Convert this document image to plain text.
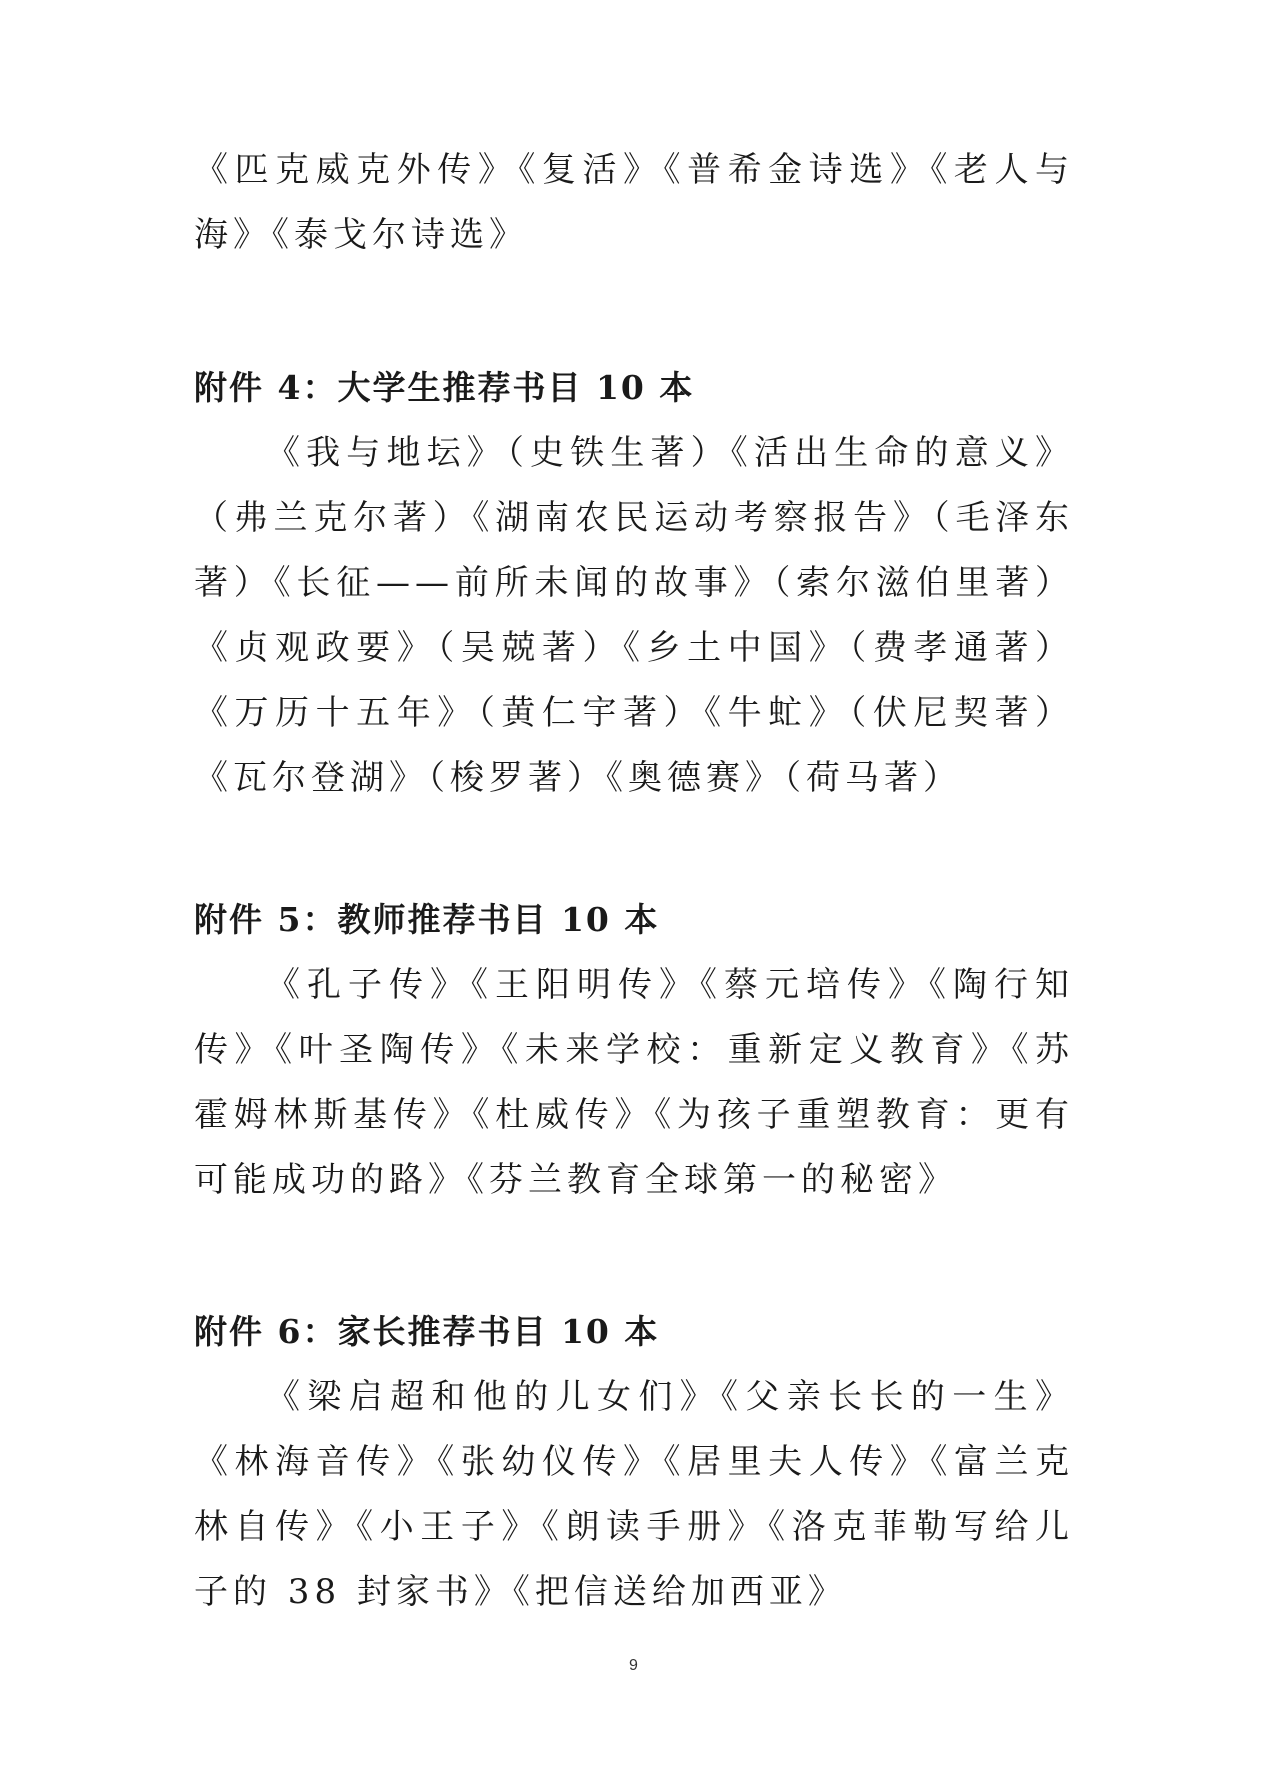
《匹克威克外传》《复活》《普希金诗选》《老人与海》《泰戈尔诗选》

附件 4：大学生推荐书目 10 本

《我与地坛》（史铁生著）《活出生命的意义》（弗兰克尔著）《湖南农民运动考察报告》（毛泽东著）《长征——前所未闻的故事》（索尔滋伯里著）《贞观政要》（吴兢著）《乡土中国》（费孝通著）《万历十五年》（黄仁宇著）《牛虻》（伏尼契著）《瓦尔登湖》（梭罗著）《奥德赛》（荷马著）

附件 5：教师推荐书目 10 本

《孔子传》《王阳明传》《蔡元培传》《陶行知传》《叶圣陶传》《未来学校：重新定义教育》《苏霍姆林斯基传》《杜威传》《为孩子重塑教育：更有可能成功的路》《芬兰教育全球第一的秘密》

附件 6：家长推荐书目 10 本

《梁启超和他的儿女们》《父亲长长的一生》《林海音传》《张幼仪传》《居里夫人传》《富兰克林自传》《小王子》《朗读手册》《洛克菲勒写给儿子的 38 封家书》《把信送给加西亚》

9
